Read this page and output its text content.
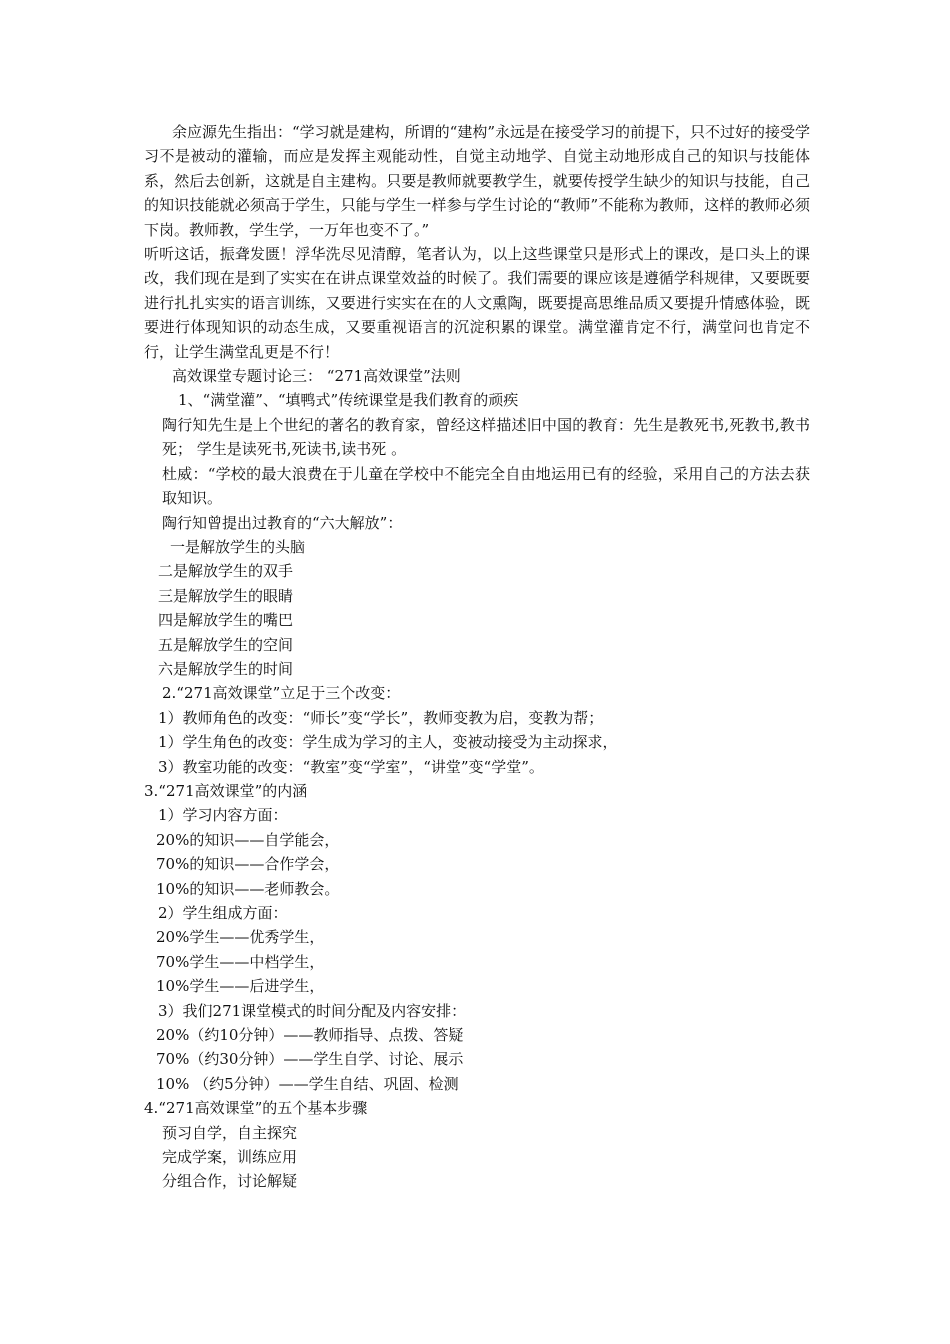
余应源先生指出：“学习就是建构，所谓的“建构”永远是在接受学习的前提下，只不过好的接受学习不是被动的灌输，而应是发挥主观能动性，自觉主动地学、自觉主动地形成自己的知识与技能体系，然后去创新，这就是自主建构。只要是教师就要教学生，就要传授学生缺少的知识与技能，自己的知识技能就必须高于学生，只能与学生一样参与学生讨论的“教师”不能称为教师，这样的教师必须下岗。教师教，学生学，一万年也变不了。”

听听这话，振聋发匮！浮华洗尽见清醇，笔者认为，以上这些课堂只是形式上的课改，是口头上的课改，我们现在是到了实实在在讲点课堂效益的时候了。我们需要的课应该是遵循学科规律，又要既要进行扎扎实实的语言训练，又要进行实实在在的人文熏陶，既要提高思维品质又要提升情感体验，既要进行体现知识的动态生成，又要重视语言的沉淀积累的课堂。满堂灌肯定不行，满堂问也肯定不行，让学生满堂乱更是不行！

高效课堂专题讨论三： “271高效课堂”法则

1、“满堂灌”、“填鸭式”传统课堂是我们教育的顽疾

陶行知先生是上个世纪的著名的教育家，曾经这样描述旧中国的教育：先生是教死书,死教书,教书死； 学生是读死书,死读书,读书死 。

杜威：“学校的最大浪费在于儿童在学校中不能完全自由地运用已有的经验，采用自己的方法去获取知识。

陶行知曾提出过教育的“六大解放”：

一是解放学生的头脑

二是解放学生的双手

三是解放学生的眼睛

四是解放学生的嘴巴

五是解放学生的空间

六是解放学生的时间

2.“271高效课堂”立足于三个改变：

1）教师角色的改变：“师长”变“学长”，教师变教为启，变教为帮；

1）学生角色的改变：学生成为学习的主人，变被动接受为主动探求，

3）教室功能的改变：“教室”变“学室”，“讲堂”变“学堂”。

3.“271高效课堂”的内涵

1）学习内容方面：

20%的知识——自学能会，

70%的知识——合作学会，

10%的知识——老师教会。

2）学生组成方面：

20%学生——优秀学生，

70%学生——中档学生，

10%学生——后进学生，

3）我们271课堂模式的时间分配及内容安排：

20%（约10分钟）——教师指导、点拨、答疑

70%（约30分钟）——学生自学、讨论、展示

10% （约5分钟）——学生自结、巩固、检测

4.“271高效课堂”的五个基本步骤

预习自学，自主探究

完成学案，训练应用

分组合作，讨论解疑
